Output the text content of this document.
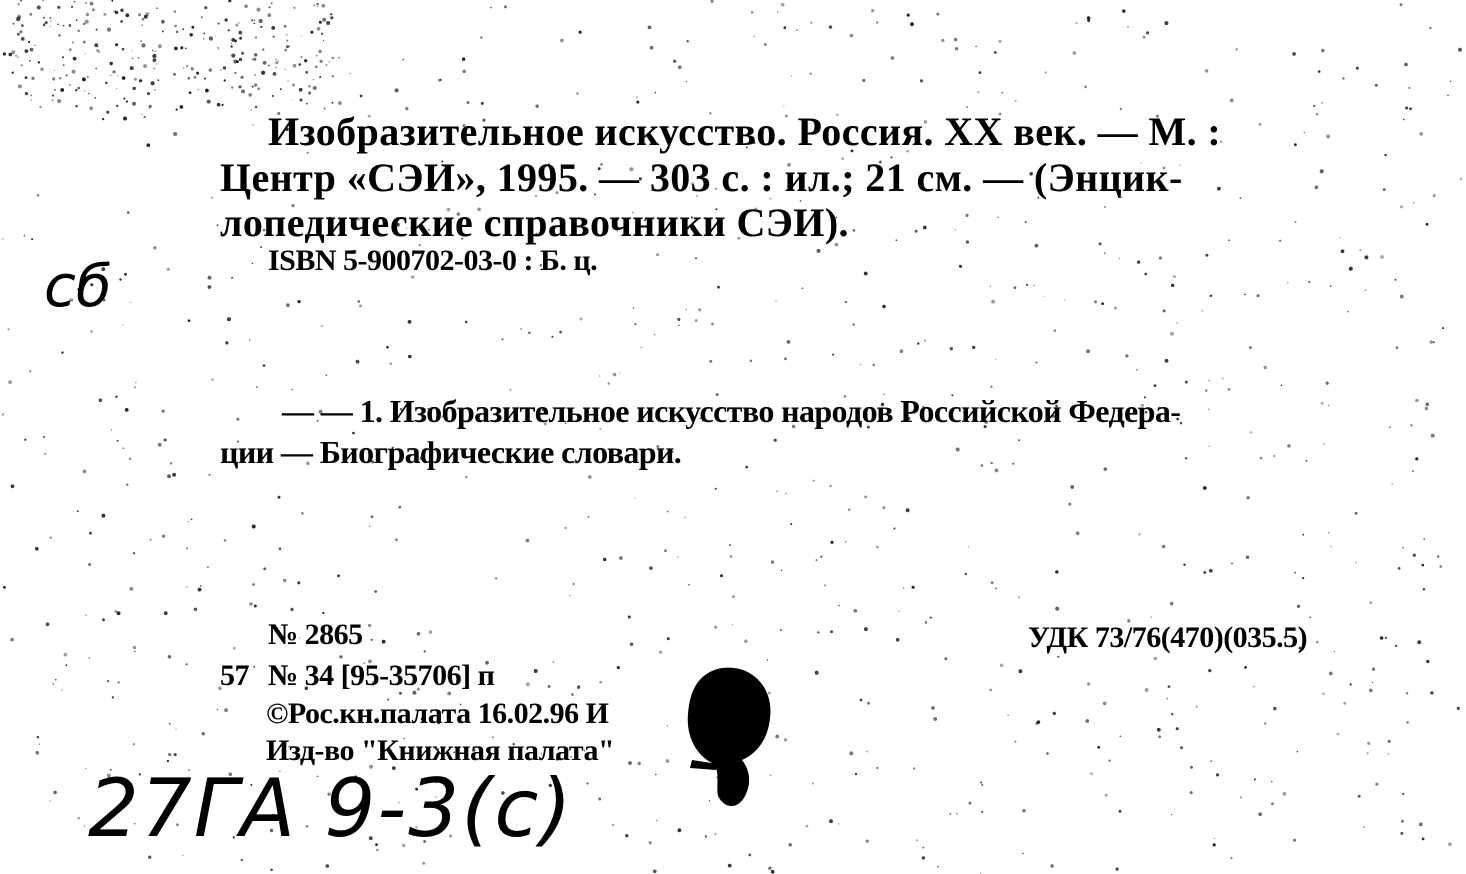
Изобразительное искусство. Россия. XX век. — М. :
Центр «СЭИ», 1995. — 303 с. : ил.; 21 см. — (Энцик-
лопедические справочники СЭИ).
ISBN 5-900702-03-0 : Б. ц.
— — 1. Изобразительное искусство народов Российской Федера-
ции — Биографические словари.
№ 2865
57 № 34 [95-35706] п
©Рос.кн.палата 16.02.96 И
Изд-во "Книжная палата"
УДК 73/76(470)(035.5)
сб
27ГА 9-3(с)
